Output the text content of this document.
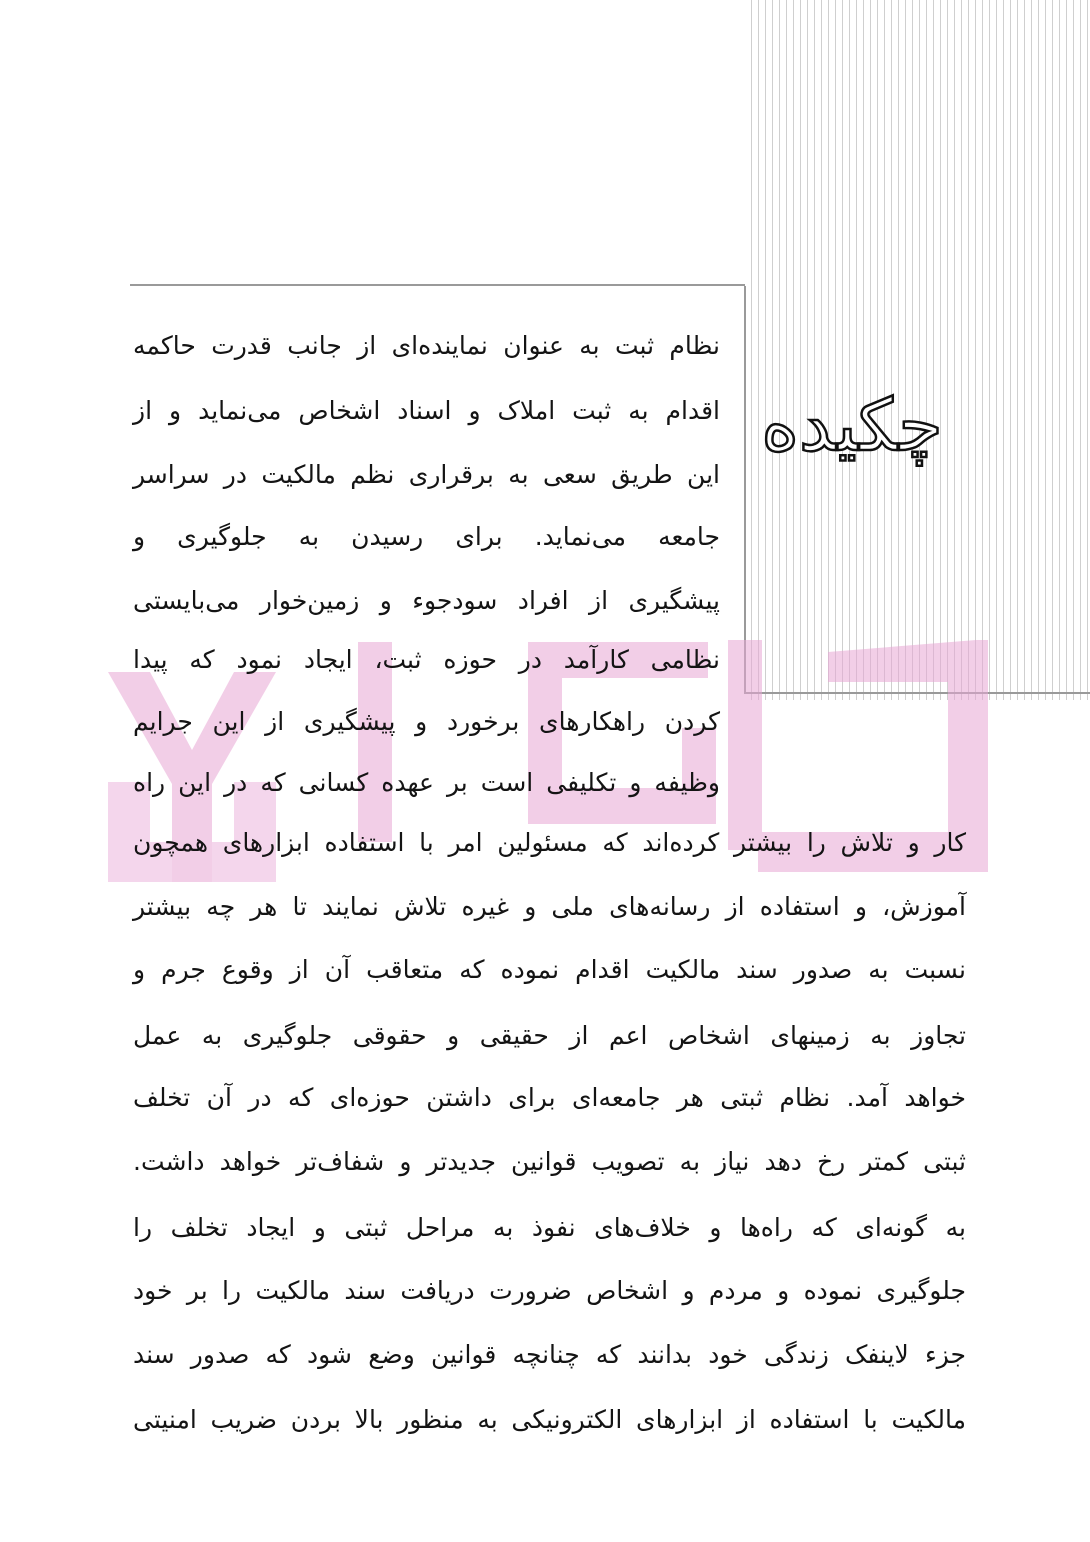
چکیده
نظام ثبت به عنوان نماینده‌ای از جانب قدرت حاکمه
اقدام به ثبت املاک و اسناد اشخاص می‌نماید و از
این طریق سعی به برقراری نظم مالکیت در سراسر
جامعه می‌نماید. برای رسیدن به جلوگیری و
پیشگیری از افراد سودجوء و زمین‌خوار می‌بایستی
نظامی کارآمد در حوزه ثبت، ایجاد نمود که پیدا
کردن راهکارهای برخورد و پیشگیری از این جرایم
وظیفه و تکلیفی است بر عهده کسانی که در این راه
کار و تلاش را بیشتر کرده‌اند که مسئولین امر با استفاده ابزارهای همچون
آموزش، و استفاده از رسانه‌های ملی و غیره تلاش نمایند تا هر چه بیشتر
نسبت به صدور سند مالکیت اقدام نموده که متعاقب آن از وقوع جرم و
تجاوز به زمینهای اشخاص اعم از حقیقی و حقوقی جلوگیری به عمل
خواهد آمد. نظام ثبتی هر جامعه‌ای برای داشتن حوزه‌ای که در آن تخلف
ثبتی کمتر رخ دهد نیاز به تصویب قوانین جدیدتر و شفاف‌تر خواهد داشت.
به گونه‌ای که راه‌ها و خلاف‌های نفوذ به مراحل ثبتی و ایجاد تخلف را
جلوگیری نموده و مردم و اشخاص ضرورت دریافت سند مالکیت را بر خود
جزء لاینفک زندگی خود بدانند که چنانچه قوانین وضع شود که صدور سند
مالکیت با استفاده از ابزارهای الکترونیکی به منظور بالا بردن ضریب امنیتی
